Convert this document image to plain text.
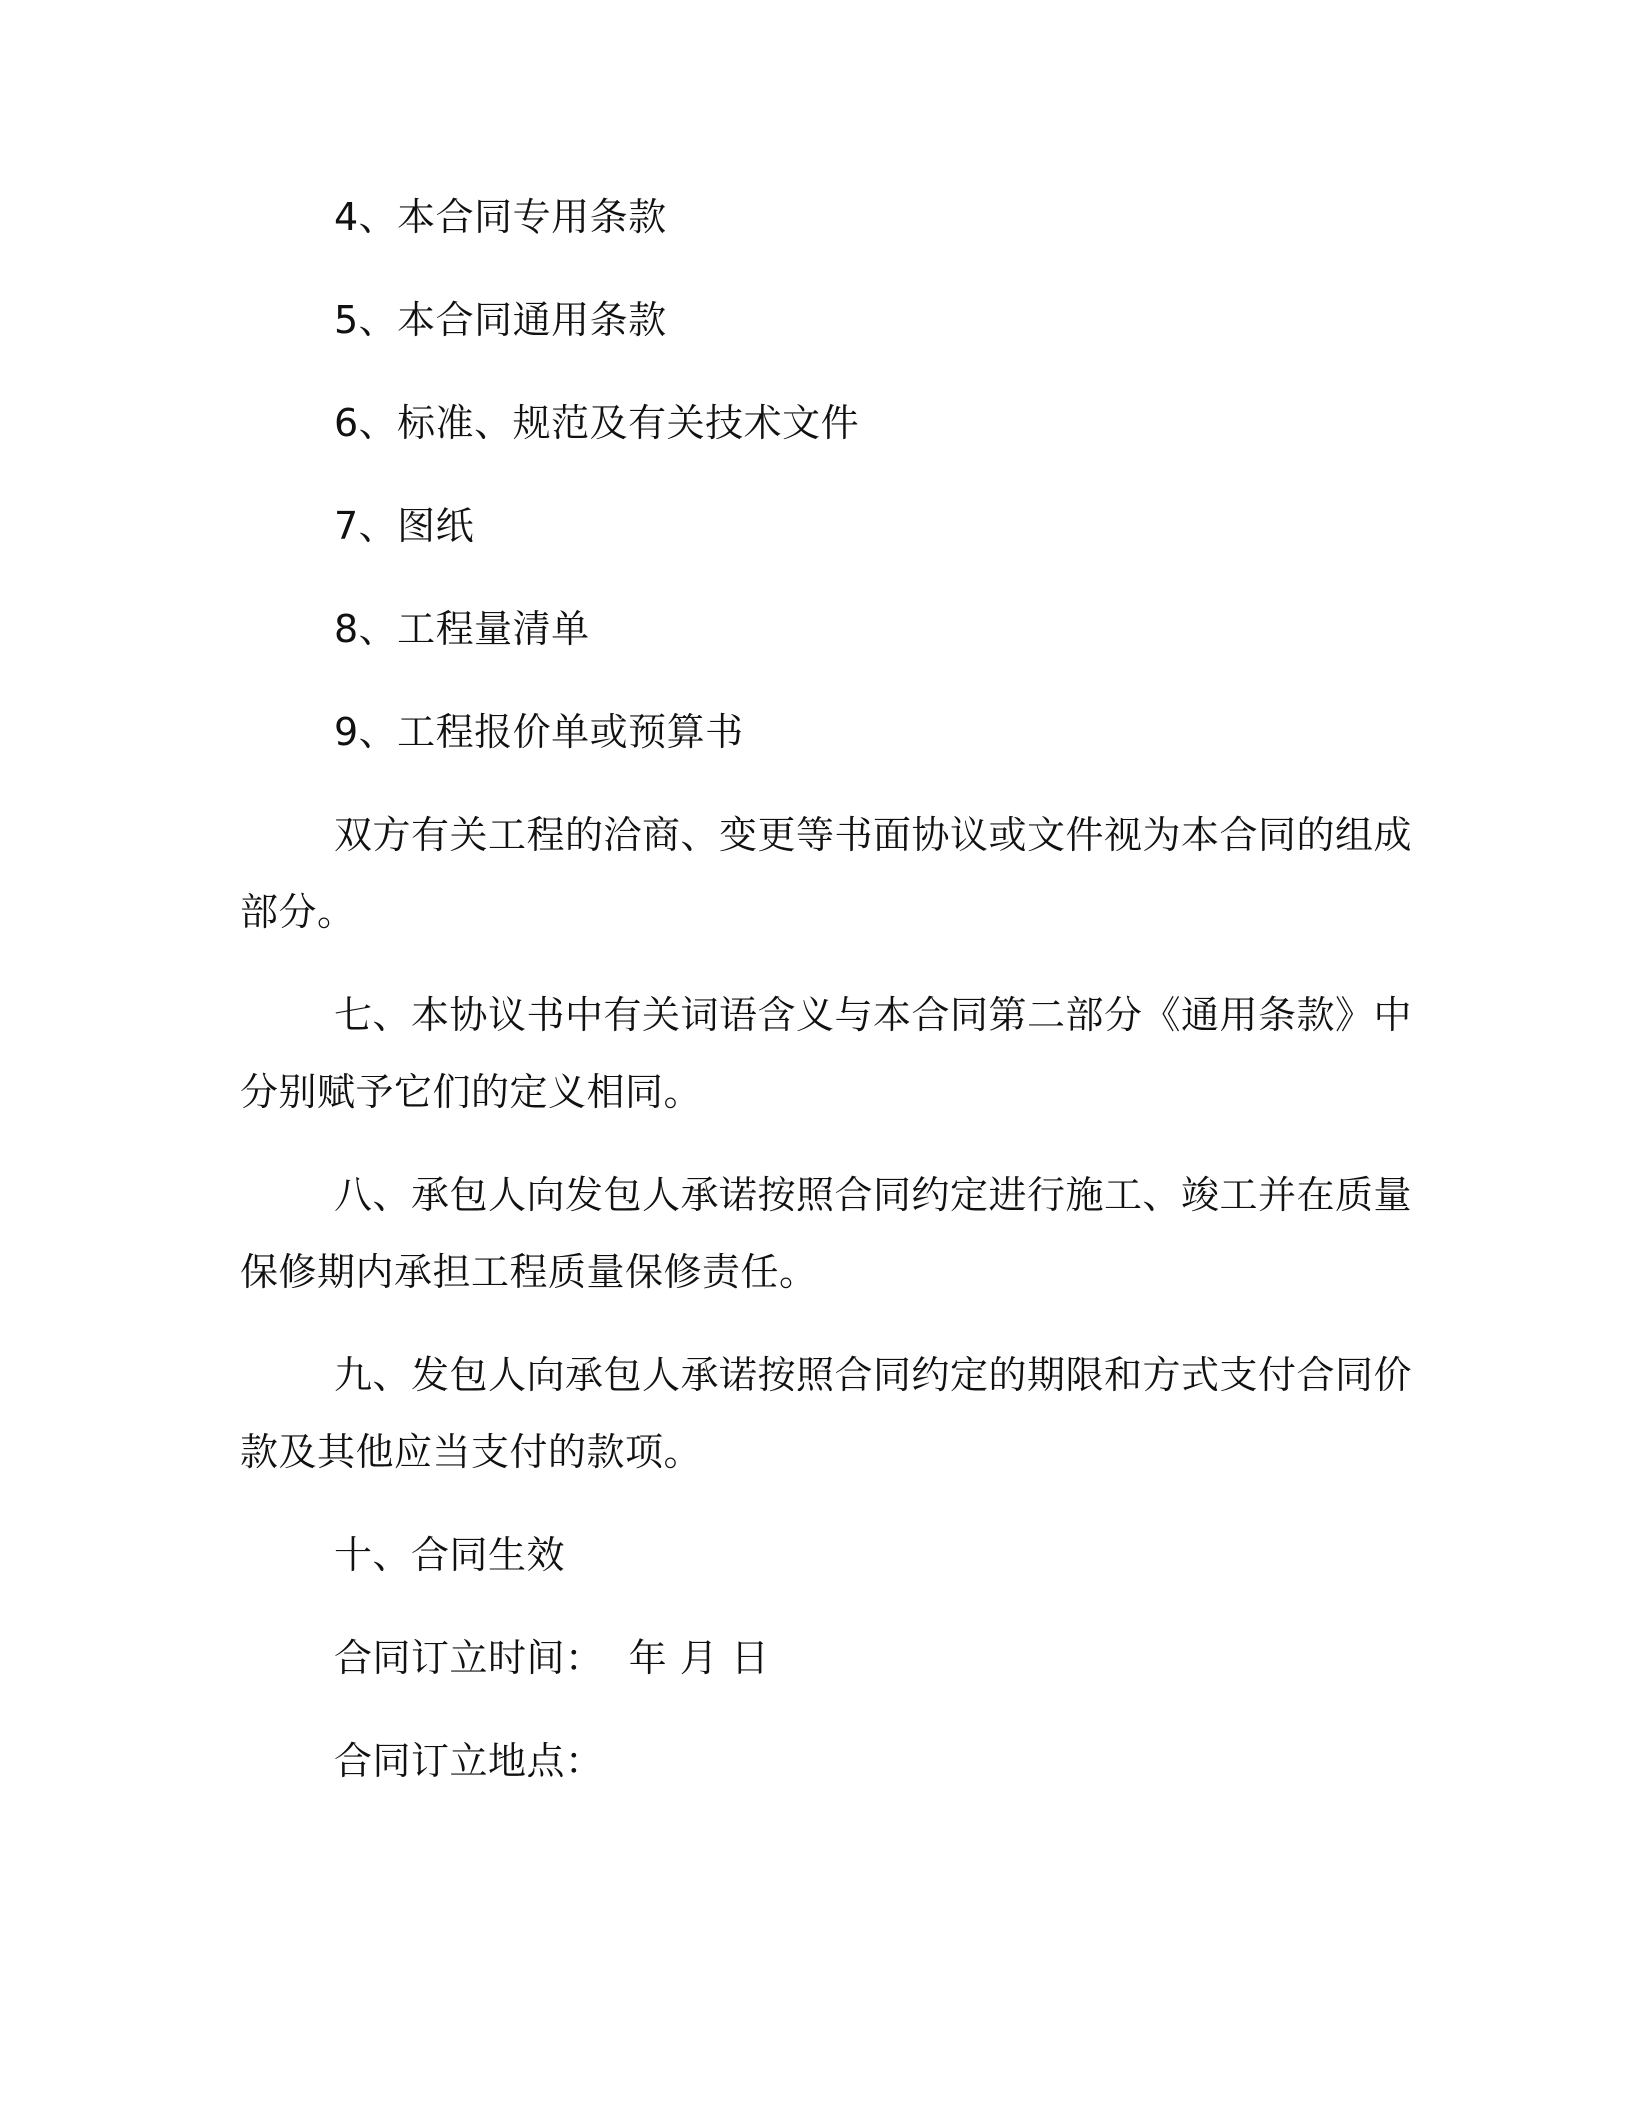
4、本合同专用条款

5、本合同通用条款

6、标准、规范及有关技术文件

7、图纸

8、工程量清单

9、工程报价单或预算书

双方有关工程的洽商、变更等书面协议或文件视为本合同的组成

部分。

七、本协议书中有关词语含义与本合同第二部分《通用条款》中

分别赋予它们的定义相同。

八、承包人向发包人承诺按照合同约定进行施工、竣工并在质量

保修期内承担工程质量保修责任。

九、发包人向承包人承诺按照合同约定的期限和方式支付合同价

款及其他应当支付的款项。

十、合同生效

合同订立时间：  年 月 日

合同订立地点：
